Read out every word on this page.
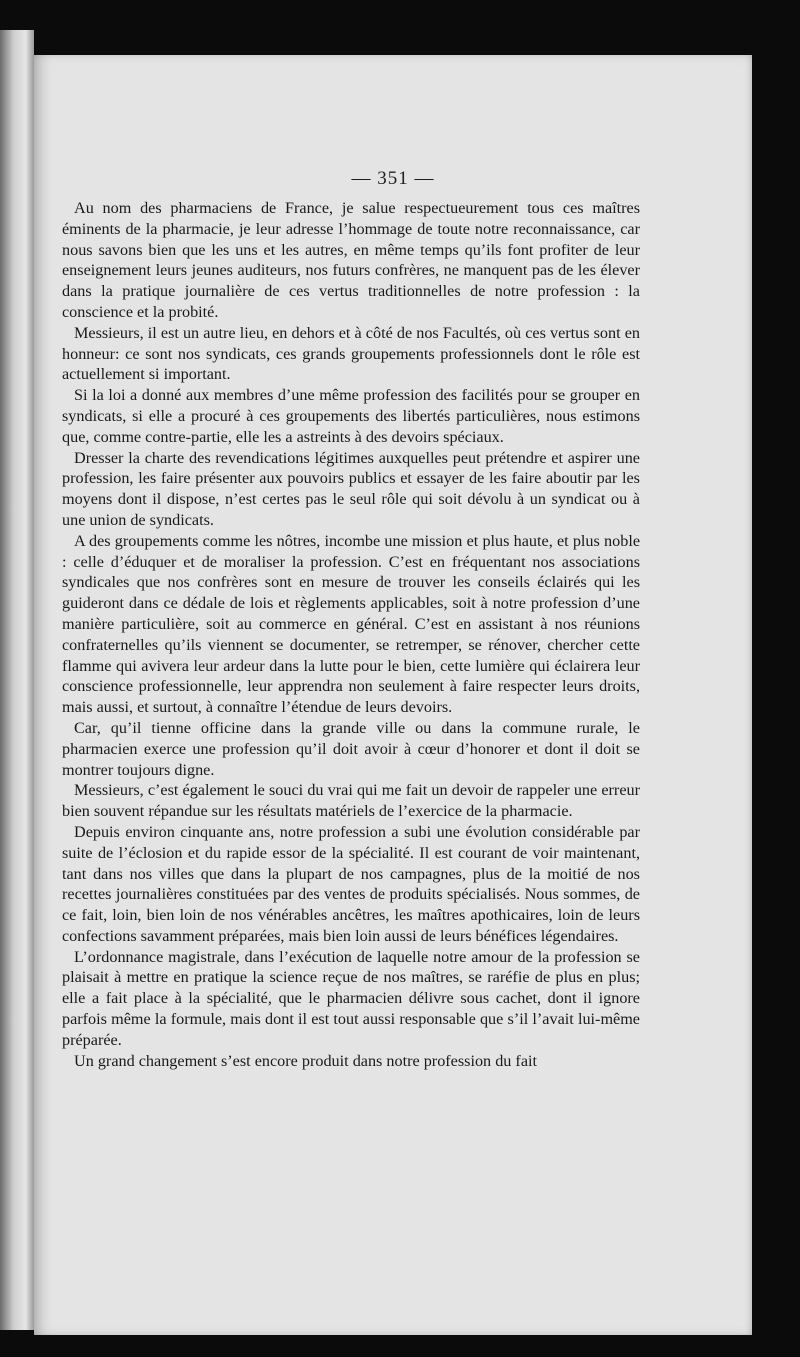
— 351 —

Au nom des pharmaciens de France, je salue respectueurement tous ces maîtres éminents de la pharmacie, je leur adresse l’hommage de toute notre reconnaissance, car nous savons bien que les uns et les autres, en même temps qu’ils font profiter de leur enseignement leurs jeunes auditeurs, nos futurs confrères, ne manquent pas de les élever dans la pratique journalière de ces vertus traditionnelles de notre profession : la conscience et la probité.

Messieurs, il est un autre lieu, en dehors et à côté de nos Facultés, où ces vertus sont en honneur: ce sont nos syndicats, ces grands groupements professionnels dont le rôle est actuellement si important.

Si la loi a donné aux membres d’une même profession des facilités pour se grouper en syndicats, si elle a procuré à ces groupements des libertés particulières, nous estimons que, comme contre-partie, elle les a astreints à des devoirs spéciaux.

Dresser la charte des revendications légitimes auxquelles peut prétendre et aspirer une profession, les faire présenter aux pouvoirs publics et essayer de les faire aboutir par les moyens dont il dispose, n’est certes pas le seul rôle qui soit dévolu à un syndicat ou à une union de syndicats.

A des groupements comme les nôtres, incombe une mission et plus haute, et plus noble : celle d’éduquer et de moraliser la profession. C’est en fréquentant nos associations syndicales que nos confrères sont en mesure de trouver les conseils éclairés qui les guideront dans ce dédale de lois et règlements applicables, soit à notre profession d’une manière particulière, soit au commerce en général. C’est en assistant à nos réunions confraternelles qu’ils viennent se documenter, se retremper, se rénover, chercher cette flamme qui avivera leur ardeur dans la lutte pour le bien, cette lumière qui éclairera leur conscience professionnelle, leur apprendra non seulement à faire respecter leurs droits, mais aussi, et surtout, à connaître l’étendue de leurs devoirs.

Car, qu’il tienne officine dans la grande ville ou dans la commune rurale, le pharmacien exerce une profession qu’il doit avoir à cœur d’honorer et dont il doit se montrer toujours digne.

Messieurs, c’est également le souci du vrai qui me fait un devoir de rappeler une erreur bien souvent répandue sur les résultats matériels de l’exercice de la pharmacie.

Depuis environ cinquante ans, notre profession a subi une évolution considérable par suite de l’éclosion et du rapide essor de la spécialité. Il est courant de voir maintenant, tant dans nos villes que dans la plupart de nos campagnes, plus de la moitié de nos recettes journalières constituées par des ventes de produits spécialisés. Nous sommes, de ce fait, loin, bien loin de nos vénérables ancêtres, les maîtres apothicaires, loin de leurs confections savamment préparées, mais bien loin aussi de leurs bénéfices légendaires.

L’ordonnance magistrale, dans l’exécution de laquelle notre amour de la profession se plaisait à mettre en pratique la science reçue de nos maîtres, se raréfie de plus en plus; elle a fait place à la spécialité, que le pharmacien délivre sous cachet, dont il ignore parfois même la formule, mais dont il est tout aussi responsable que s’il l’avait lui-même préparée.

Un grand changement s’est encore produit dans notre profession du fait
